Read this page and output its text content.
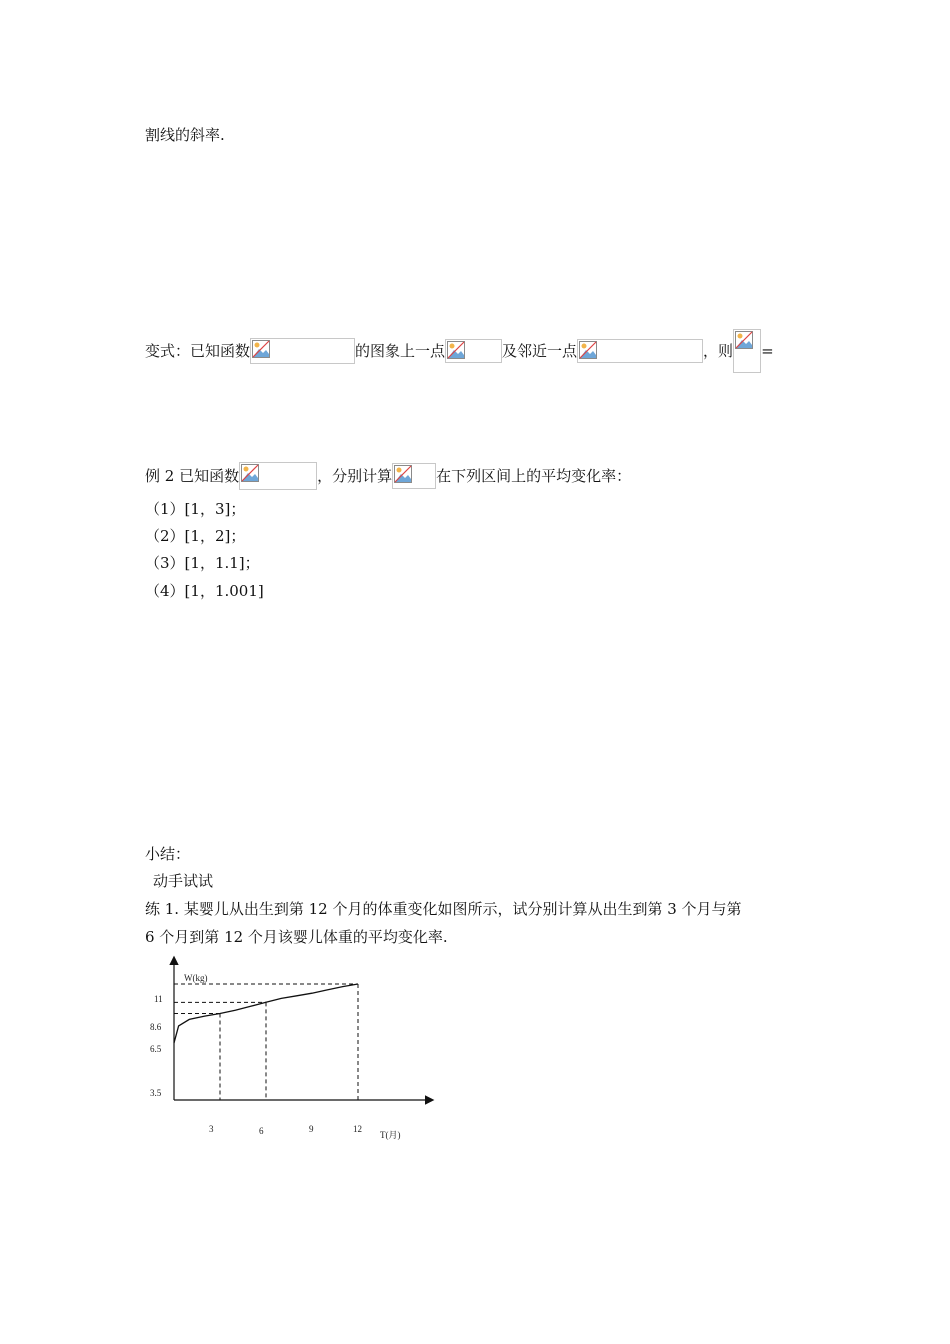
割线的斜率.
变式：已知函数	的图象上一点	及邻近一点	，则 =
例 2 已知函数	，分别计算	在下列区间上的平均变化率：
（1）[1，3]；
（2）[1，2]；
（3）[1，1.1]；
（4）[1，1.001]
小结：
动手试试
练 1. 某婴儿从出生到第 12 个月的体重变化如图所示，试分别计算从出生到第 3 个月与第
6 个月到第 12 个月该婴儿体重的平均变化率.
W(kg)
11
8.6
6.5
3.5
3	6	9	12
T(月)
